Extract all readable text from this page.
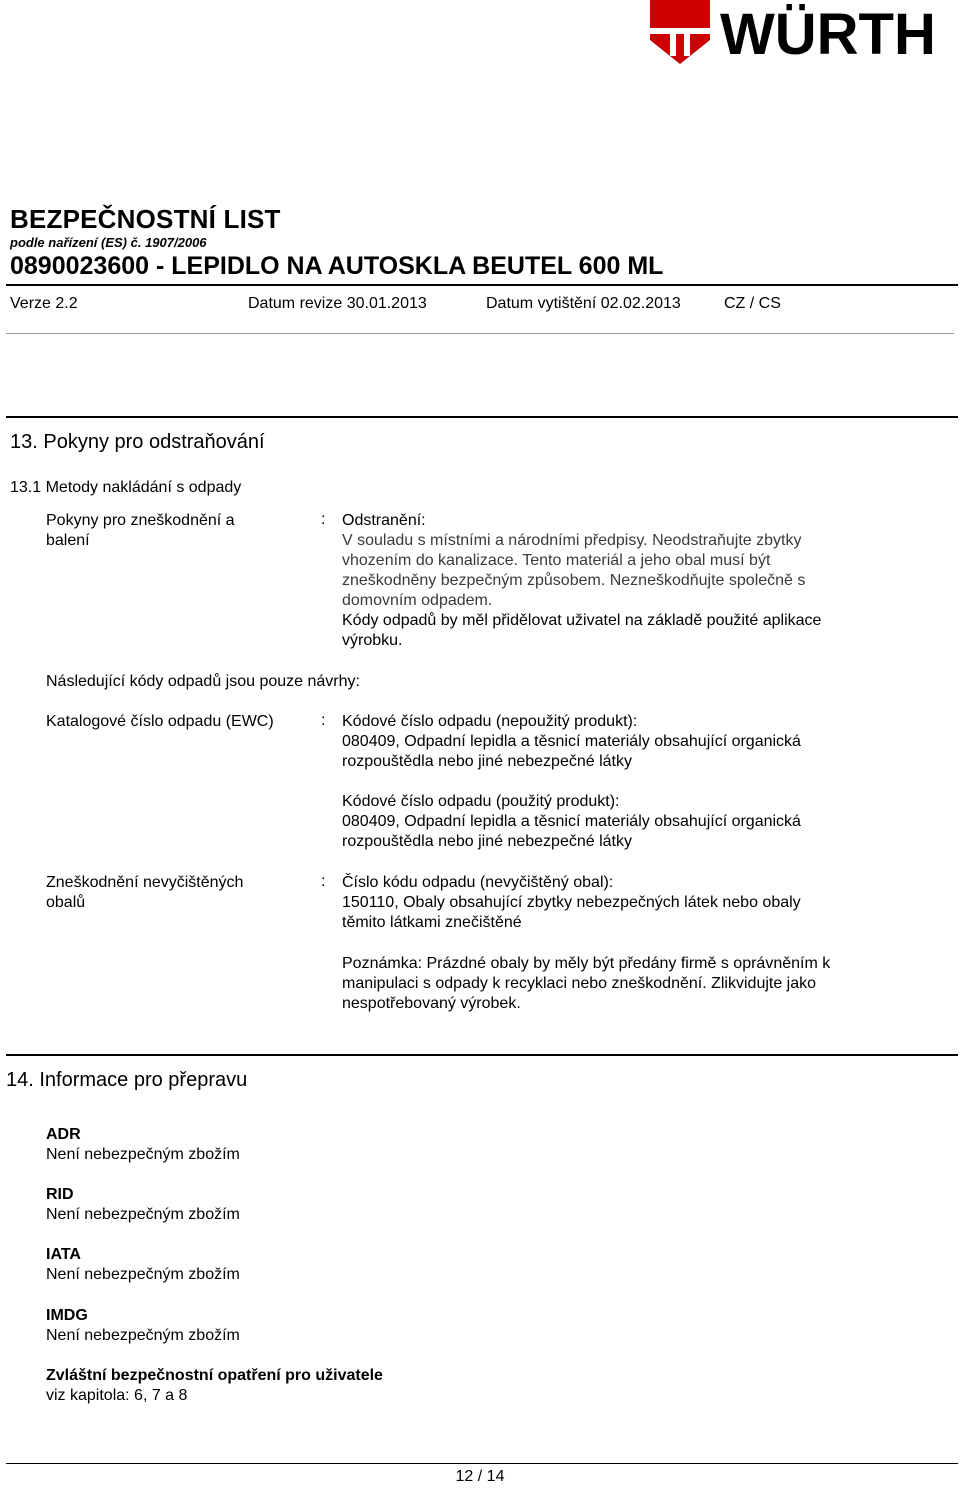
WÜRTH
BEZPEČNOSTNÍ LIST
podle nařízení (ES) č. 1907/2006
0890023600 - LEPIDLO NA AUTOSKLA BEUTEL 600 ML
Verze 2.2	Datum revize 30.01.2013	Datum vytištění 02.02.2013	CZ / CS
13. Pokyny pro odstraňování
13.1 Metody nakládání s odpady
Pokyny pro zneškodnění a balení
: Odstranění:

V souladu s místními a národními předpisy. Neodstraňujte zbytky

vhozením do kanalizace. Tento materiál a jeho obal musí být

zneškodněny bezpečným způsobem. Nezneškodňujte společně s

domovním odpadem.

Kódy odpadů by měl přidělovat uživatel na základě použité aplikace

výrobku.

Následující kódy odpadů jsou pouze návrhy:
Katalogové číslo odpadu (EWC)	: Kódové číslo odpadu (nepoužitý produkt):

080409, Odpadní lepidla a těsnicí materiály obsahující organická

rozpouštědla nebo jiné nebezpečné látky

Kódové číslo odpadu (použitý produkt):

080409, Odpadní lepidla a těsnicí materiály obsahující organická

rozpouštědla nebo jiné nebezpečné látky

Zneškodnění nevyčištěných obalů
: Číslo kódu odpadu (nevyčištěný obal):

150110, Obaly obsahující zbytky nebezpečných látek nebo obaly

těmito látkami znečištěné

Poznámka: Prázdné obaly by měly být předány firmě s oprávněním k

manipulaci s odpady k recyklaci nebo zneškodnění. Zlikvidujte jako

nespotřebovaný výrobek.

14. Informace pro přepravu
ADR
Není nebezpečným zbožím
RID
Není nebezpečným zbožím
IATA
Není nebezpečným zbožím
IMDG
Není nebezpečným zbožím
Zvláštní bezpečnostní opatření pro uživatele
viz kapitola: 6, 7 a 8
12 / 14
